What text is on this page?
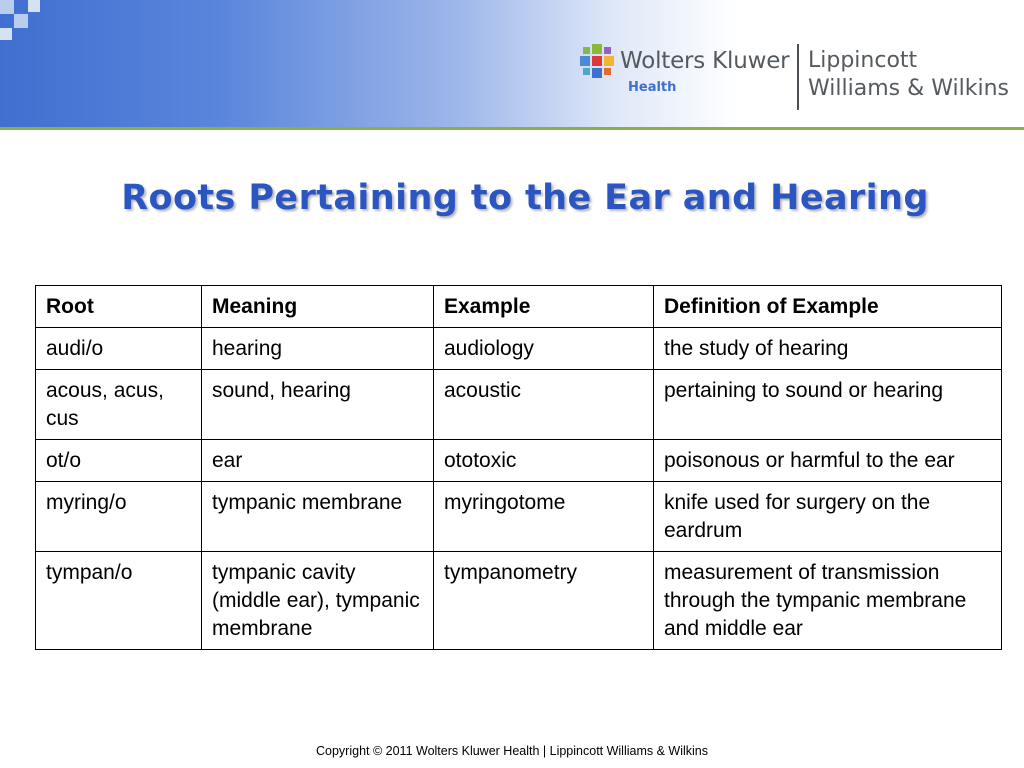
Wolters Kluwer
Health
Lippincott
Williams & Wilkins
Roots Pertaining to the Ear and Hearing
Root	Meaning	Example	Definition of Example
audi/o	hearing	audiology	the study of hearing
acous, acus, cus	sound, hearing	acoustic	pertaining to sound or hearing
ot/o	ear	ototoxic	poisonous or harmful to the ear
myring/o	tympanic membrane	myringotome	knife used for surgery on the eardrum
tympan/o	tympanic cavity (middle ear), tympanic membrane	tympanometry	measurement of transmission through the tympanic membrane and middle ear
Copyright © 2011 Wolters Kluwer Health | Lippincott Williams & Wilkins
